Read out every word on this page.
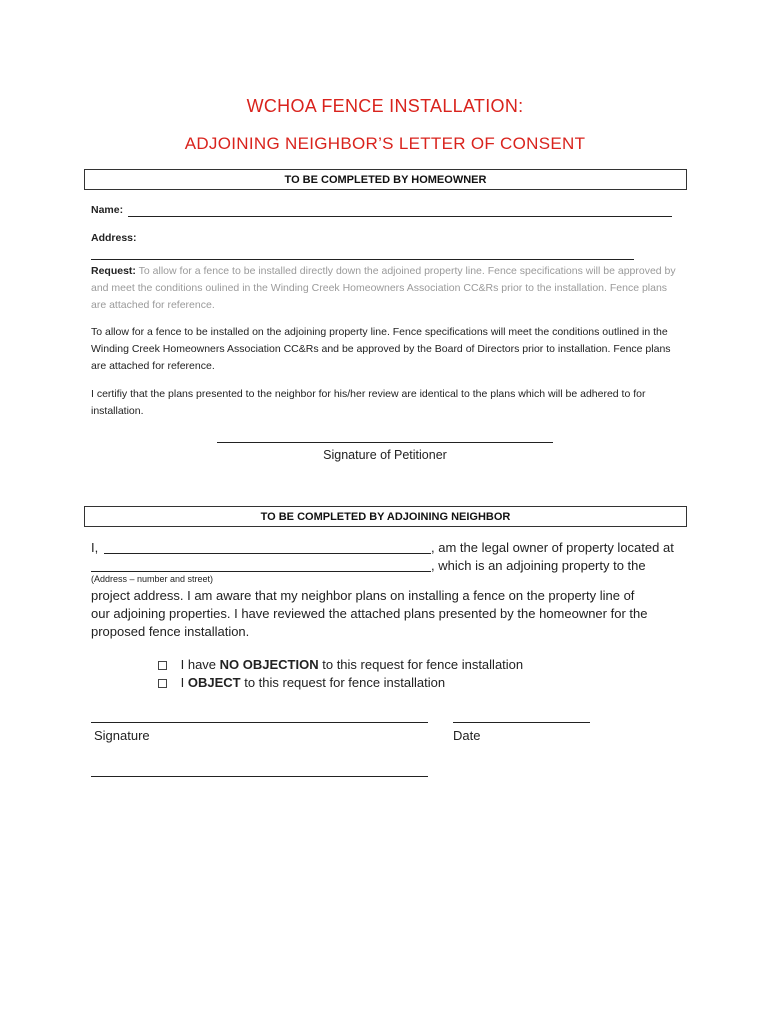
WCHOA FENCE INSTALLATION:
ADJOINING NEIGHBOR’S LETTER OF CONSENT
TO BE COMPLETED BY HOMEOWNER
Name:
Address:
Request: To allow for a fence to be installed directly down the adjoined property line. Fence specifications will be approved by and meet the conditions oulined in the Winding Creek Homeowners Association CC&Rs prior to the installation. Fence plans are attached for reference.
To allow for a fence to be installed on the adjoining property line. Fence specifications will meet the conditions outlined in the Winding Creek Homeowners Association CC&Rs and be approved by the Board of Directors prior to installation. Fence plans are attached for reference.
I certifiy that the plans presented to the neighbor for his/her review are identical to the plans which will be adhered to for installation.
Signature of Petitioner
TO BE COMPLETED BY ADJOINING NEIGHBOR
I,	, am the legal owner of property located at
, which is an adjoining property to the
(Address – number and street)
project address. I am aware that my neighbor plans on installing a fence on the property line of our adjoining properties. I have reviewed the attached plans presented by the homeowner for the proposed fence installation.
I have NO OBJECTION to this request for fence installation
I OBJECT to this request for fence installation
Signature	Date
